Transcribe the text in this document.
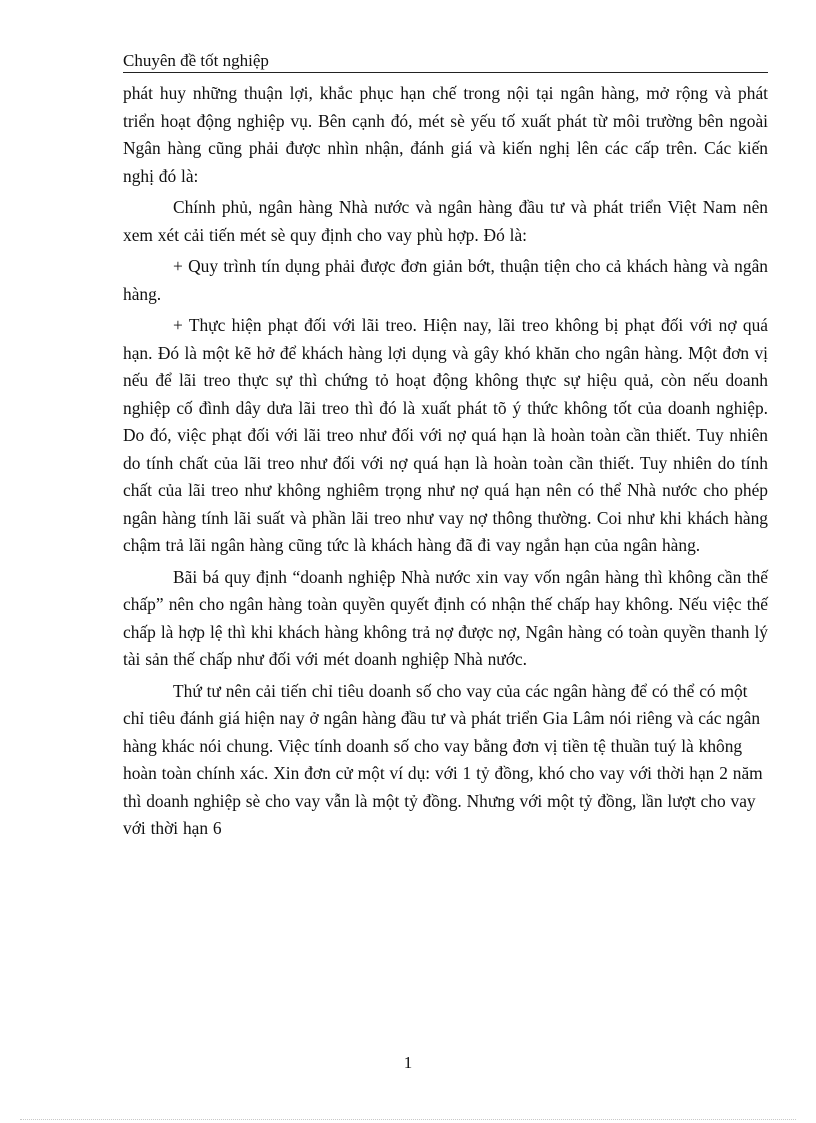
Chuyên đề tốt nghiệp

phát huy những thuận lợi, khắc phục hạn chế trong nội tại ngân hàng, mở rộng và phát triển hoạt động nghiệp vụ. Bên cạnh đó, mét sè yếu tố xuất phát từ môi trường bên ngoài Ngân hàng cũng phải được nhìn nhận, đánh giá và kiến nghị lên các cấp trên. Các kiến nghị đó là:

Chính phủ, ngân hàng Nhà nước và ngân hàng đầu tư và phát triển Việt Nam nên xem xét cải tiến mét sè quy định cho vay phù hợp. Đó là:

+ Quy trình tín dụng phải được đơn giản bớt, thuận tiện cho cả khách hàng và ngân hàng.

+ Thực hiện phạt đối với lãi treo. Hiện nay, lãi treo không bị phạt đối với nợ quá hạn. Đó là một kẽ hở để khách hàng lợi dụng và gây khó khăn cho ngân hàng. Một đơn vị nếu để lãi treo thực sự thì chứng tỏ hoạt động không thực sự hiệu quả, còn nếu doanh nghiệp cố đình dây dưa lãi treo thì đó là xuất phát tõ ý thức không tốt của doanh nghiệp. Do đó, việc phạt đối với lãi treo như đối với nợ quá hạn là hoàn toàn cần thiết. Tuy nhiên do tính chất của lãi treo như đối với nợ quá hạn là hoàn toàn cần thiết. Tuy nhiên do tính chất của lãi treo như không nghiêm trọng như nợ quá hạn nên có thể Nhà nước cho phép ngân hàng tính lãi suất và phần lãi treo như vay nợ thông thường. Coi như khi khách hàng chậm trả lãi ngân hàng cũng tức là khách hàng đã đi vay ngắn hạn của ngân hàng.

Bãi bá quy định “doanh nghiệp Nhà nước xin vay vốn ngân hàng thì không cần thế chấp” nên cho ngân hàng toàn quyền quyết định có nhận thế chấp hay không. Nếu việc thế chấp là hợp lệ thì khi khách hàng không trả nợ được nợ, Ngân hàng có toàn quyền thanh lý tài sản thế chấp như đối với mét doanh nghiệp Nhà nước.

Thứ tư nên cải tiến chỉ tiêu doanh số cho vay của các ngân hàng để có thể có một chỉ tiêu đánh giá hiện nay ở ngân hàng đầu tư và phát triển Gia Lâm nói riêng và các ngân hàng khác nói chung. Việc tính doanh số cho vay bằng đơn vị tiền tệ thuần tuý là không hoàn toàn chính xác. Xin đơn cử một ví dụ: với 1 tỷ đồng, khó cho vay với thời hạn 2 năm thì doanh nghiệp sè cho vay vẫn là một tỷ đồng. Nhưng với một tỷ đồng, lần lượt cho vay với thời hạn 6

1
